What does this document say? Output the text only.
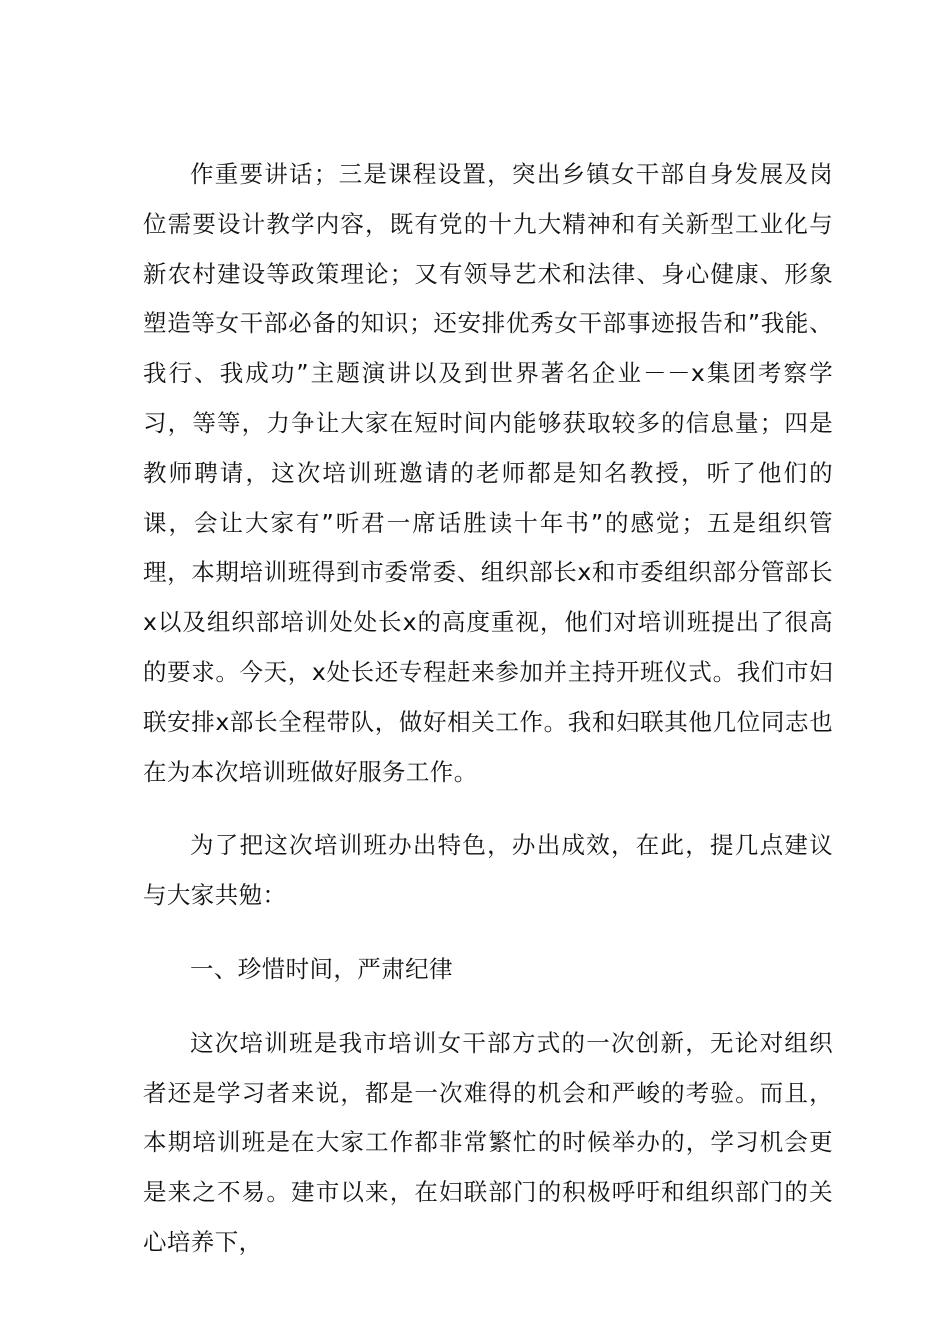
作重要讲话；三是课程设置，突出乡镇女干部自身发展及岗位需要设计教学内容，既有党的十九大精神和有关新型工业化与新农村建设等政策理论；又有领导艺术和法律、身心健康、形象塑造等女干部必备的知识；还安排优秀女干部事迹报告和”我能、我行、我成功”主题演讲以及到世界著名企业－－x集团考察学习，等等，力争让大家在短时间内能够获取较多的信息量；四是教师聘请，这次培训班邀请的老师都是知名教授，听了他们的课，会让大家有”听君一席话胜读十年书”的感觉；五是组织管理，本期培训班得到市委常委、组织部长x和市委组织部分管部长x以及组织部培训处处长x的高度重视，他们对培训班提出了很高的要求。今天，x处长还专程赶来参加并主持开班仪式。我们市妇联安排x部长全程带队，做好相关工作。我和妇联其他几位同志也在为本次培训班做好服务工作。

为了把这次培训班办出特色，办出成效，在此，提几点建议与大家共勉：

一、珍惜时间，严肃纪律

这次培训班是我市培训女干部方式的一次创新，无论对组织者还是学习者来说，都是一次难得的机会和严峻的考验。而且，本期培训班是在大家工作都非常繁忙的时候举办的，学习机会更是来之不易。建市以来，在妇联部门的积极呼吁和组织部门的关心培养下，
